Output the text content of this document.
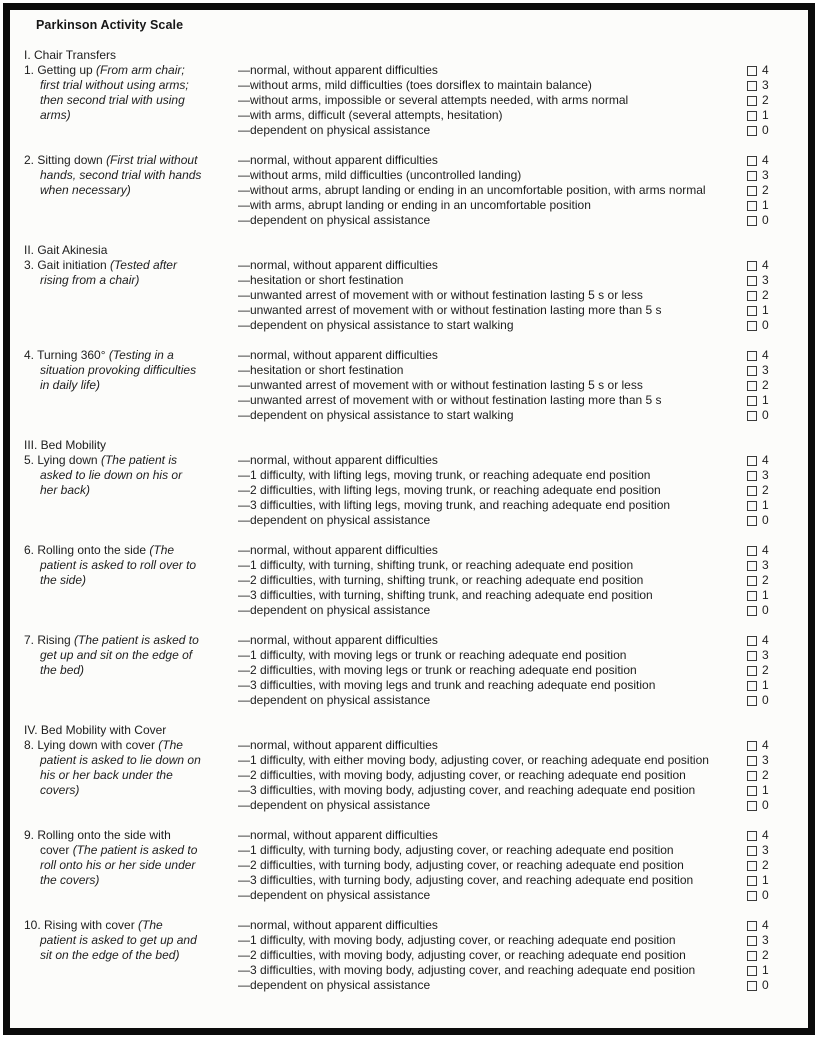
Parkinson Activity Scale
I. Chair Transfers
1. Getting up (From arm chair; first trial without using arms; then second trial with using arms)
—normal, without apparent difficulties	4
—without arms, mild difficulties (toes dorsiflex to maintain balance)	3
—without arms, impossible or several attempts needed, with arms normal	2
—with arms, difficult (several attempts, hesitation)	1
—dependent on physical assistance	0
2. Sitting down (First trial without hands, second trial with hands when necessary)
—normal, without apparent difficulties	4
—without arms, mild difficulties (uncontrolled landing)	3
—without arms, abrupt landing or ending in an uncomfortable position, with arms normal	2
—with arms, abrupt landing or ending in an uncomfortable position	1
—dependent on physical assistance	0
II. Gait Akinesia
3. Gait initiation (Tested after rising from a chair)
—normal, without apparent difficulties	4
—hesitation or short festination	3
—unwanted arrest of movement with or without festination lasting 5 s or less	2
—unwanted arrest of movement with or without festination lasting more than 5 s	1
—dependent on physical assistance to start walking	0
4. Turning 360° (Testing in a situation provoking difficulties in daily life)
—normal, without apparent difficulties	4
—hesitation or short festination	3
—unwanted arrest of movement with or without festination lasting 5 s or less	2
—unwanted arrest of movement with or without festination lasting more than 5 s	1
—dependent on physical assistance to start walking	0
III. Bed Mobility
5. Lying down (The patient is asked to lie down on his or her back)
—normal, without apparent difficulties	4
—1 difficulty, with lifting legs, moving trunk, or reaching adequate end position	3
—2 difficulties, with lifting legs, moving trunk, or reaching adequate end position	2
—3 difficulties, with lifting legs, moving trunk, and reaching adequate end position	1
—dependent on physical assistance	0
6. Rolling onto the side (The patient is asked to roll over to the side)
—normal, without apparent difficulties	4
—1 difficulty, with turning, shifting trunk, or reaching adequate end position	3
—2 difficulties, with turning, shifting trunk, or reaching adequate end position	2
—3 difficulties, with turning, shifting trunk, and reaching adequate end position	1
—dependent on physical assistance	0
7. Rising (The patient is asked to get up and sit on the edge of the bed)
—normal, without apparent difficulties	4
—1 difficulty, with moving legs or trunk or reaching adequate end position	3
—2 difficulties, with moving legs or trunk or reaching adequate end position	2
—3 difficulties, with moving legs and trunk and reaching adequate end position	1
—dependent on physical assistance	0
IV. Bed Mobility with Cover
8. Lying down with cover (The patient is asked to lie down on his or her back under the covers)
—normal, without apparent difficulties	4
—1 difficulty, with either moving body, adjusting cover, or reaching adequate end position	3
—2 difficulties, with moving body, adjusting cover, or reaching adequate end position	2
—3 difficulties, with moving body, adjusting cover, and reaching adequate end position	1
—dependent on physical assistance	0
9. Rolling onto the side with cover (The patient is asked to roll onto his or her side under the covers)
—normal, without apparent difficulties	4
—1 difficulty, with turning body, adjusting cover, or reaching adequate end position	3
—2 difficulties, with turning body, adjusting cover, or reaching adequate end position	2
—3 difficulties, with turning body, adjusting cover, and reaching adequate end position	1
—dependent on physical assistance	0
10. Rising with cover (The patient is asked to get up and sit on the edge of the bed)
—normal, without apparent difficulties	4
—1 difficulty, with moving body, adjusting cover, or reaching adequate end position	3
—2 difficulties, with moving body, adjusting cover, or reaching adequate end position	2
—3 difficulties, with moving body, adjusting cover, and reaching adequate end position	1
—dependent on physical assistance	0
